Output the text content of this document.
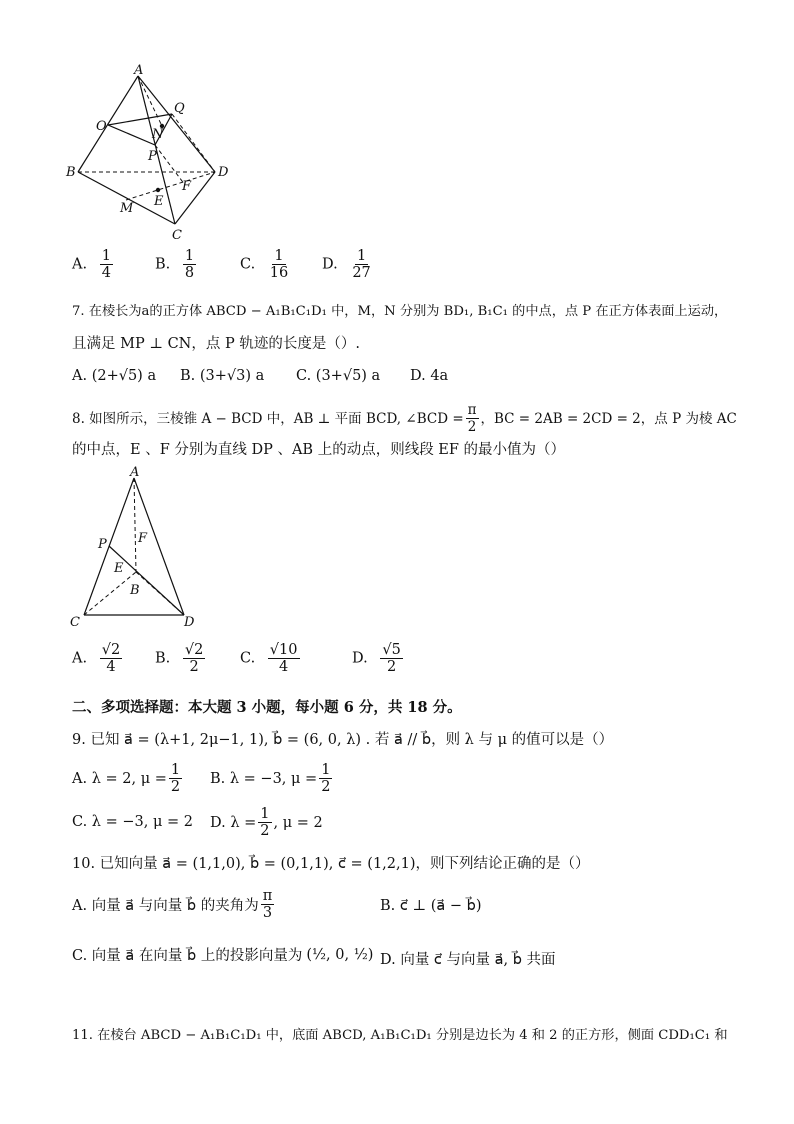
A
Q
O
N
P
B	D
F
E
M
C
A. $\frac{1}{4}$	B. $\frac{1}{8}$	C. $\frac{1}{16} D$. $\frac{1}{27}$
7. 在棱长为a的正方体 ABCD − A₁B₁C₁D₁ 中，M，N 分别为 BD₁, B₁C₁ 的中点，点 P 在正方体表面上运动，
且满足 MP ⊥ CN，点 P 轨迹的长度是（）.
A. (2+√5) a B. (3+√3) a C. (3+√5) a D. 4a
8. 如图所示，三棱锥 A − BCD 中，AB ⊥ 平面 BCD, ∠BCD = $\frac{\pi}{2}$ ，BC = 2AB = 2CD = 2，点 P 为棱 AC
的中点，E 、F 分别为直线 DP 、AB 上的动点，则线段 EF 的最小值为（）
A
P F
E
B
C	D
A. $\frac{√2}{4} B$. $\frac{√2}{2} C$. $\frac{√10}{4}$	D. $\frac{√5}{2}$
二、多项选择题：本大题 3 小题，每小题 6 分，共 18 分。
9. 已知 a⃗ = (λ+1, 2μ−1, 1), b⃗ = (6, 0, λ) . 若 a⃗ // b⃗，则 λ 与 μ 的值可以是（）
A. λ = 2, $\mu = \frac{1}{2} B$. λ = −3, $\mu = \frac{1}{2}$
C. λ = −3, μ = 2 D. $\lambda = \frac{1}{2}$ , μ = 2
10. 已知向量 a⃗ = (1,1,0), b⃗ = (0,1,1), c⃗ = (1,2,1)，则下列结论正确的是（）
A. 向量 a⃗ 与向量 b⃗ 的夹角为 $\frac{\pi}{3}$	B. c⃗ ⊥ (a⃗ − b⃗)
C. 向量 a⃗ 在向量 b⃗ 上的投影向量为 (½, 0, ½) D. 向量 c⃗ 与向量 a⃗, b⃗ 共面
11. 在棱台 ABCD − A₁B₁C₁D₁ 中，底面 ABCD, A₁B₁C₁D₁ 分别是边长为 4 和 2 的正方形，侧面 CDD₁C₁ 和
